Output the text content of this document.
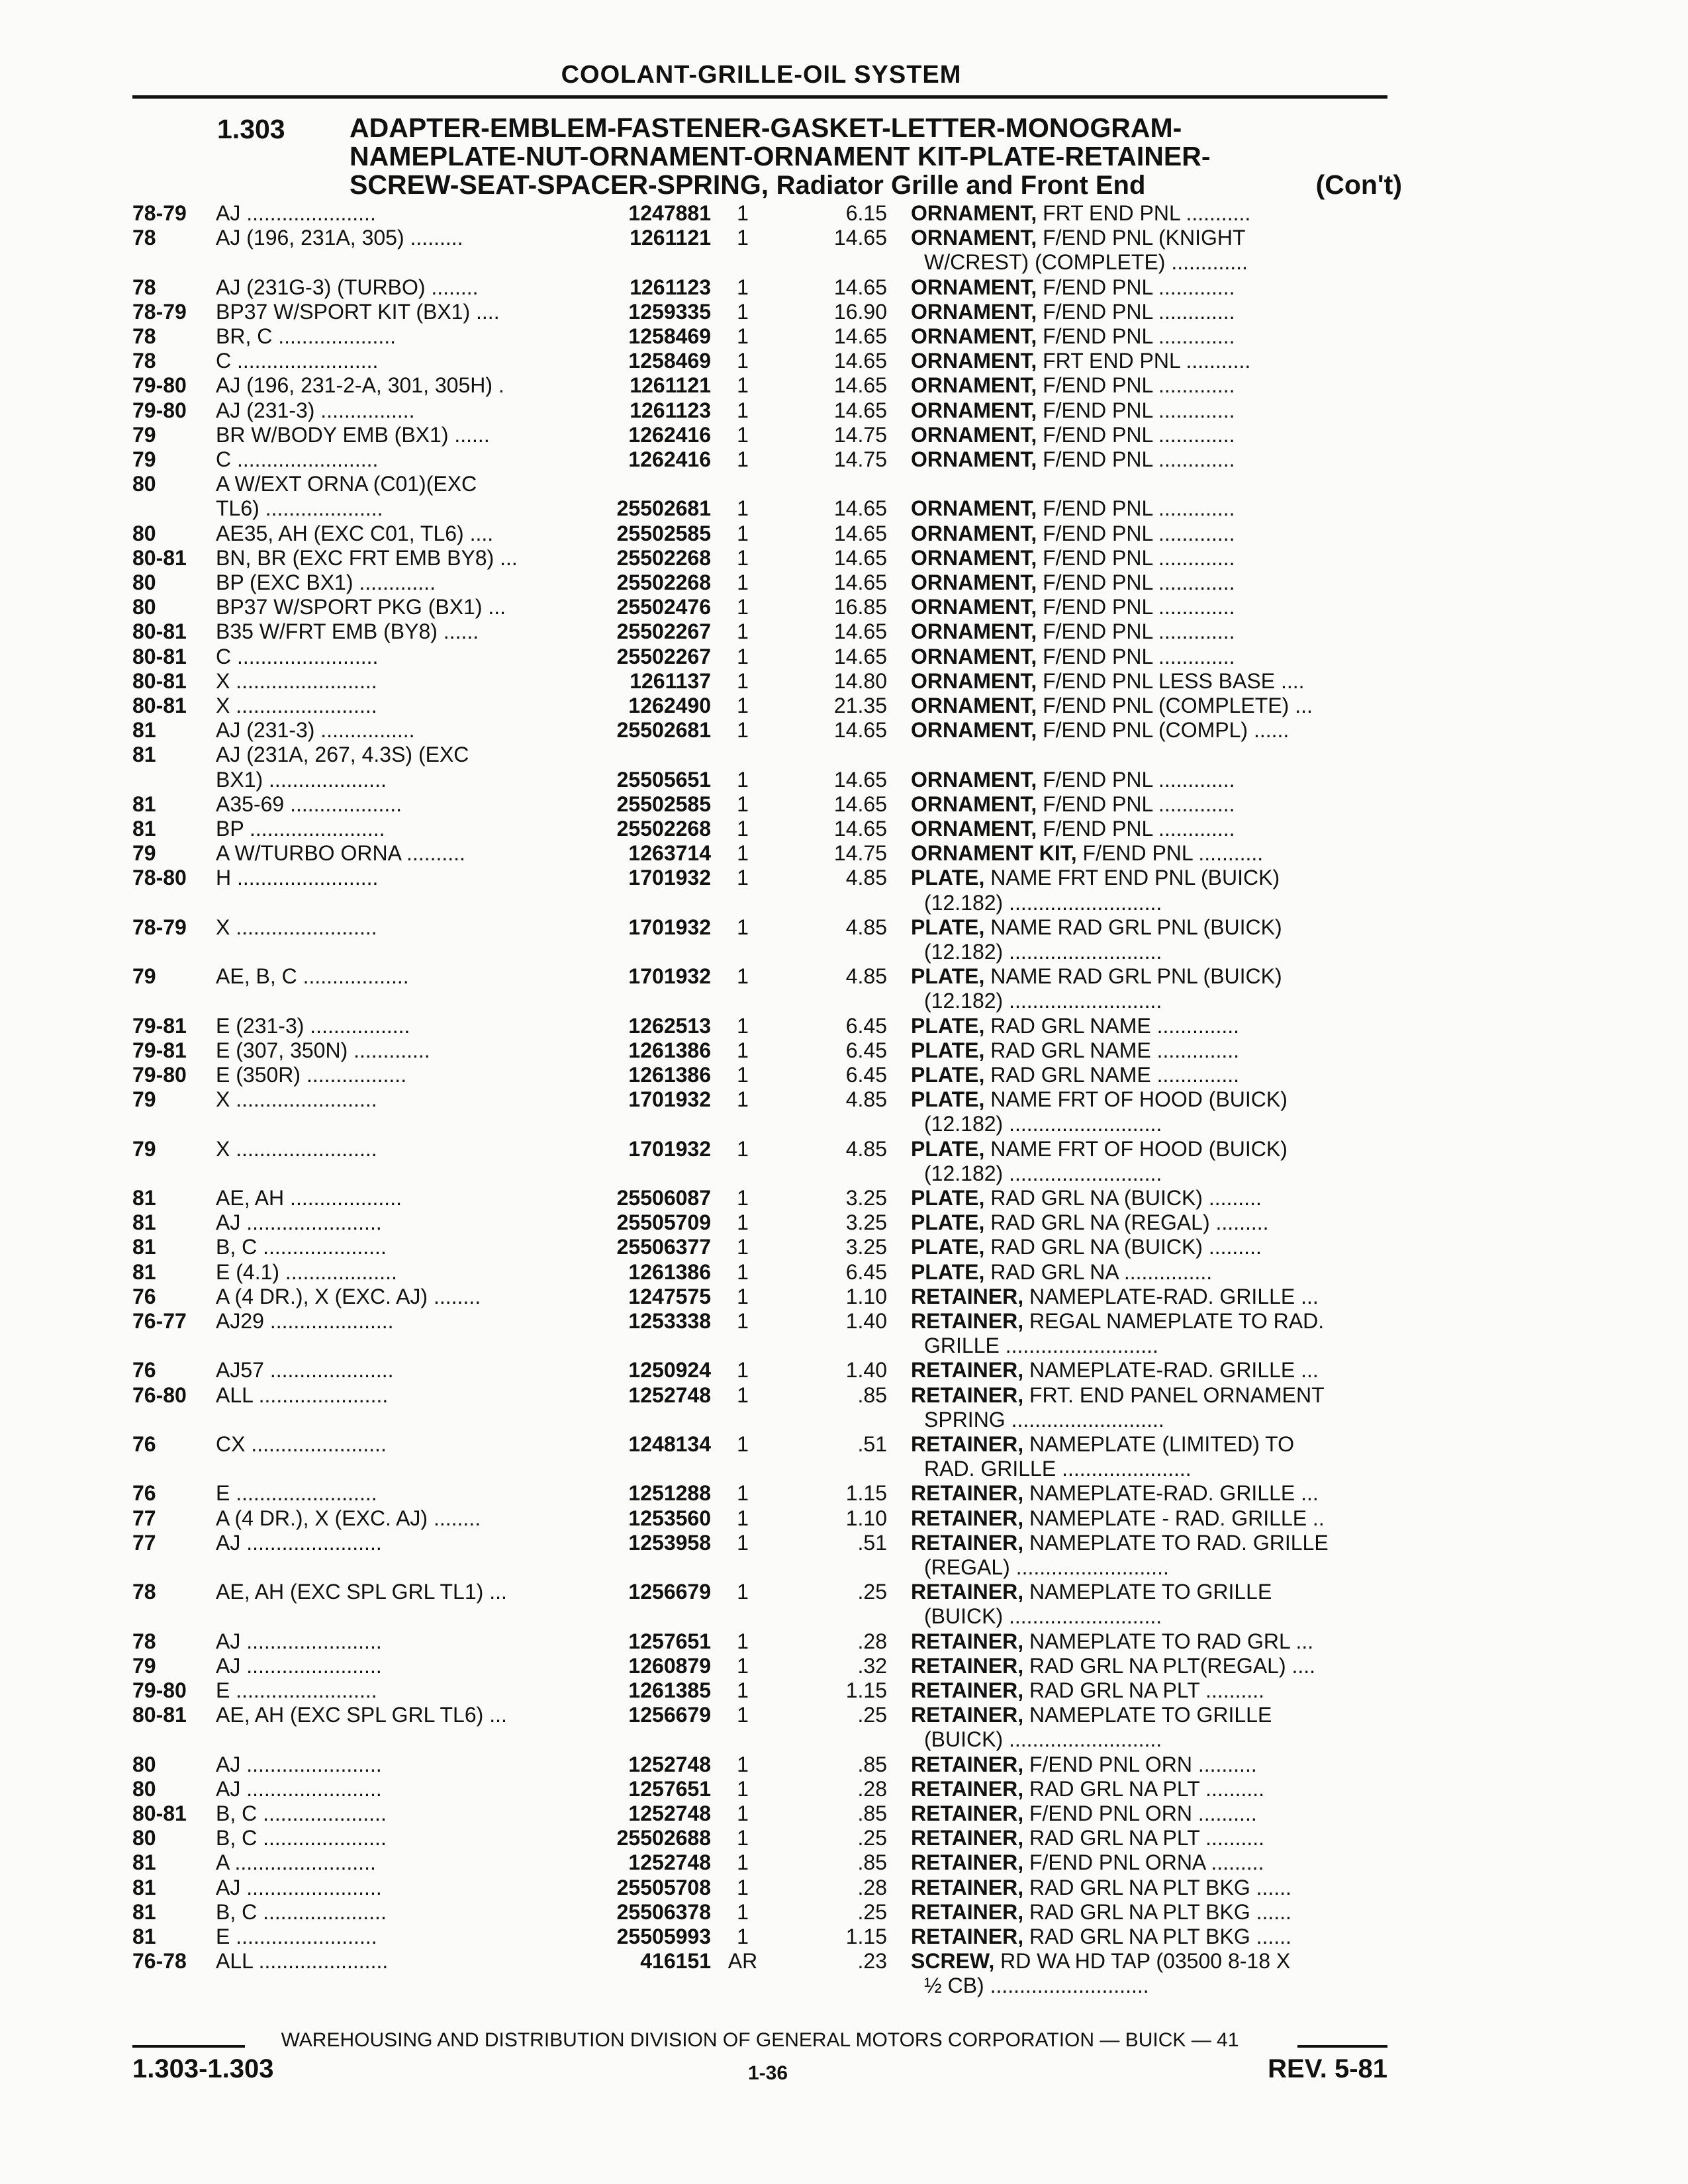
COOLANT-GRILLE-OIL SYSTEM
1.303 ADAPTER-EMBLEM-FASTENER-GASKET-LETTER-MONOGRAM-
NAMEPLATE-NUT-ORNAMENT-ORNAMENT KIT-PLATE-RETAINER-
SCREW-SEAT-SPACER-SPRING, Radiator Grille and Front End	(Con't)
78-79	AJ ......................	1247881	1	6.15 ORNAMENT, FRT END PNL ...........
78	AJ (196, 231A, 305) .........	1261121	1	14.65 ORNAMENT, F/END PNL (KNIGHT
W/CREST) (COMPLETE) .............
78	AJ (231G-3) (TURBO) ........	1261123	1	14.65 ORNAMENT, F/END PNL .............
78-79	BP37 W/SPORT KIT (BX1) ....	1259335	1	16.90 ORNAMENT, F/END PNL .............
78	BR, C ....................	1258469	1	14.65 ORNAMENT, F/END PNL .............
78	C ........................	1258469	1	14.65 ORNAMENT, FRT END PNL ...........
79-80	AJ (196, 231-2-A, 301, 305H) .	1261121	1	14.65 ORNAMENT, F/END PNL .............
79-80	AJ (231-3) ................	1261123	1	14.65 ORNAMENT, F/END PNL .............
79	BR W/BODY EMB (BX1) ......	1262416	1	14.75 ORNAMENT, F/END PNL .............
79	C ........................	1262416	1	14.75 ORNAMENT, F/END PNL .............
80	A W/EXT ORNA (C01)(EXC
TL6) ....................	25502681	1	14.65 ORNAMENT, F/END PNL .............
80	AE35, AH (EXC C01, TL6) ....	25502585	1	14.65 ORNAMENT, F/END PNL .............
80-81	BN, BR (EXC FRT EMB BY8) ...	25502268	1	14.65 ORNAMENT, F/END PNL .............
80	BP (EXC BX1) .............	25502268	1	14.65 ORNAMENT, F/END PNL .............
80	BP37 W/SPORT PKG (BX1) ...	25502476	1	16.85 ORNAMENT, F/END PNL .............
80-81	B35 W/FRT EMB (BY8) ......	25502267	1	14.65 ORNAMENT, F/END PNL .............
80-81	C ........................	25502267	1	14.65 ORNAMENT, F/END PNL .............
80-81	X ........................	1261137	1	14.80 ORNAMENT, F/END PNL LESS BASE ....
80-81	X ........................	1262490	1	21.35 ORNAMENT, F/END PNL (COMPLETE) ...
81	AJ (231-3) ................	25502681	1	14.65 ORNAMENT, F/END PNL (COMPL) ......
81	AJ (231A, 267, 4.3S) (EXC
BX1) ....................	25505651	1	14.65 ORNAMENT, F/END PNL .............
81	A35-69 ...................	25502585	1	14.65 ORNAMENT, F/END PNL .............
81	BP .......................	25502268	1	14.65 ORNAMENT, F/END PNL .............
79	A W/TURBO ORNA ..........	1263714	1	14.75 ORNAMENT KIT, F/END PNL ...........
78-80	H ........................	1701932	1	4.85 PLATE, NAME FRT END PNL (BUICK)
(12.182) ..........................
78-79	X ........................	1701932	1	4.85 PLATE, NAME RAD GRL PNL (BUICK)
(12.182) ..........................
79	AE, B, C ..................	1701932	1	4.85 PLATE, NAME RAD GRL PNL (BUICK)
(12.182) ..........................
79-81	E (231-3) .................	1262513	1	6.45 PLATE, RAD GRL NAME ..............
79-81	E (307, 350N) .............	1261386	1	6.45 PLATE, RAD GRL NAME ..............
79-80	E (350R) .................	1261386	1	6.45 PLATE, RAD GRL NAME ..............
79	X ........................	1701932	1	4.85 PLATE, NAME FRT OF HOOD (BUICK)
(12.182) ..........................
79	X ........................	1701932	1	4.85 PLATE, NAME FRT OF HOOD (BUICK)
(12.182) ..........................
81	AE, AH ...................	25506087	1	3.25 PLATE, RAD GRL NA (BUICK) .........
81	AJ .......................	25505709	1	3.25 PLATE, RAD GRL NA (REGAL) .........
81	B, C .....................	25506377	1	3.25 PLATE, RAD GRL NA (BUICK) .........
81	E (4.1) ...................	1261386	1	6.45 PLATE, RAD GRL NA ...............
76	A (4 DR.), X (EXC. AJ) ........	1247575	1	1.10 RETAINER, NAMEPLATE-RAD. GRILLE ...
76-77	AJ29 .....................	1253338	1	1.40 RETAINER, REGAL NAMEPLATE TO RAD.
GRILLE ..........................
76	AJ57 .....................	1250924	1	1.40 RETAINER, NAMEPLATE-RAD. GRILLE ...
76-80	ALL ......................	1252748	1	.85 RETAINER, FRT. END PANEL ORNAMENT
SPRING ..........................
76	CX .......................	1248134	1	.51 RETAINER, NAMEPLATE (LIMITED) TO
RAD. GRILLE ......................
76	E ........................	1251288	1	1.15 RETAINER, NAMEPLATE-RAD. GRILLE ...
77	A (4 DR.), X (EXC. AJ) ........	1253560	1	1.10 RETAINER, NAMEPLATE - RAD. GRILLE ..
77	AJ .......................	1253958	1	.51 RETAINER, NAMEPLATE TO RAD. GRILLE
(REGAL) ..........................
78	AE, AH (EXC SPL GRL TL1) ...	1256679	1	.25 RETAINER, NAMEPLATE TO GRILLE
(BUICK) ..........................
78	AJ .......................	1257651	1	.28 RETAINER, NAMEPLATE TO RAD GRL ...
79	AJ .......................	1260879	1	.32 RETAINER, RAD GRL NA PLT(REGAL) ....
79-80	E ........................	1261385	1	1.15 RETAINER, RAD GRL NA PLT ..........
80-81	AE, AH (EXC SPL GRL TL6) ...	1256679	1	.25 RETAINER, NAMEPLATE TO GRILLE
(BUICK) ..........................
80	AJ .......................	1252748	1	.85 RETAINER, F/END PNL ORN ..........
80	AJ .......................	1257651	1	.28 RETAINER, RAD GRL NA PLT ..........
80-81	B, C .....................	1252748	1	.85 RETAINER, F/END PNL ORN ..........
80	B, C .....................	25502688	1	.25 RETAINER, RAD GRL NA PLT ..........
81	A ........................	1252748	1	.85 RETAINER, F/END PNL ORNA .........
81	AJ .......................	25505708	1	.28 RETAINER, RAD GRL NA PLT BKG ......
81	B, C .....................	25506378	1	.25 RETAINER, RAD GRL NA PLT BKG ......
81	E ........................	25505993	1	1.15 RETAINER, RAD GRL NA PLT BKG ......
76-78	ALL ......................	416151 AR	.23 SCREW, RD WA HD TAP (03500 8-18 X
½ CB) ...........................
WAREHOUSING AND DISTRIBUTION DIVISION OF GENERAL MOTORS CORPORATION — BUICK — 41
1.303-1.303	1-36	REV. 5-81
